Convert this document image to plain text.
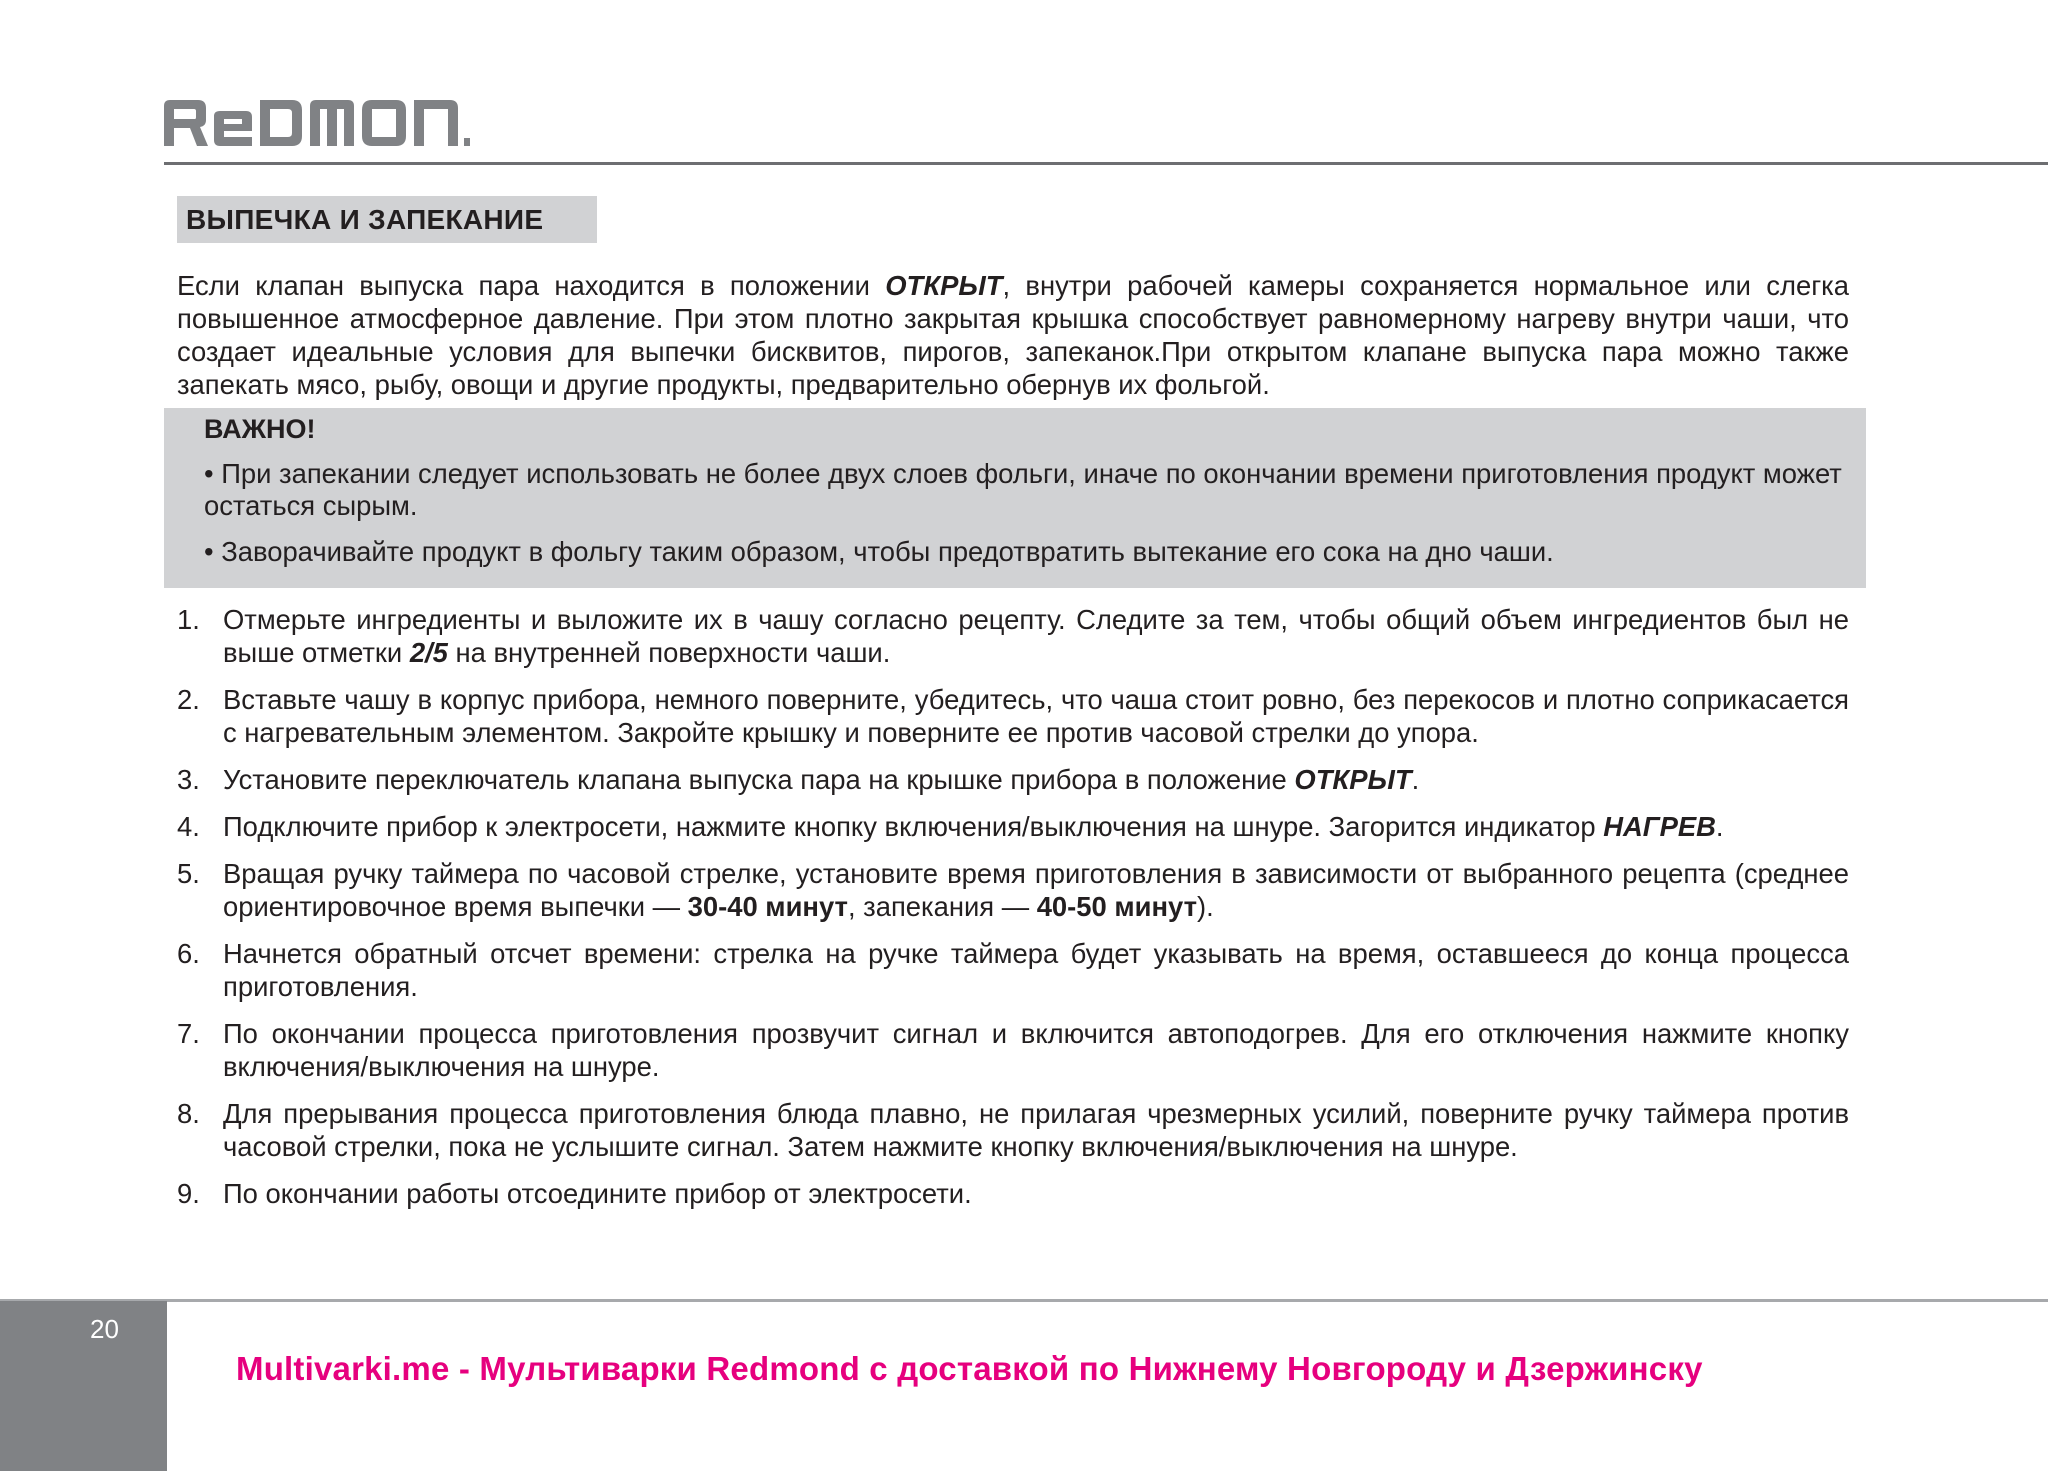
ВЫПЕЧКА И ЗАПЕКАНИЕ

Если клапан выпуска пара находится в положении ОТКРЫТ, внутри рабочей камеры сохраняется нормальное или слегка повышенное атмосферное давление. При этом плотно закрытая крышка способствует равномерному нагреву внутри чаши, что создает идеальные условия для выпечки бисквитов, пирогов, запеканок.При открытом клапане выпуска пара можно также запекать мясо, рыбу, овощи и другие продукты, предварительно обернув их фольгой.

ВАЖНО!
• При запекании следует использовать не более двух слоев фольги, иначе по окончании времени приготовления продукт может остаться сырым.
• Заворачивайте продукт в фольгу таким образом, чтобы предотвратить вытекание его сока на дно чаши.
1. Отмерьте ингредиенты и выложите их в чашу согласно рецепту. Следите за тем, чтобы общий объем ингредиентов был не выше отметки 2/5 на внутренней поверхности чаши.
2. Вставьте чашу в корпус прибора, немного поверните, убедитесь, что чаша стоит ровно, без перекосов и плотно соприкасается с нагревательным элементом. Закройте крышку и поверните ее против часовой стрелки до упора.
3. Установите переключатель клапана выпуска пара на крышке прибора в положение ОТКРЫТ.
4. Подключите прибор к электросети, нажмите кнопку включения/выключения на шнуре. Загорится индикатор НАГРЕВ.
5. Вращая ручку таймера по часовой стрелке, установите время приготовления в зависимости от выбранного рецепта (среднее ориентировочное время выпечки — 30-40 минут, запекания — 40-50 минут).
6. Начнется обратный отсчет времени: стрелка на ручке таймера будет указывать на время, оставшееся до конца процесса приготовления.
7. По окончании процесса приготовления прозвучит сигнал и включится автоподогрев. Для его отключения нажмите кнопку включения/выключения на шнуре.
8. Для прерывания процесса приготовления блюда плавно, не прилагая чрезмерных усилий, поверните ручку таймера против часовой стрелки, пока не услышите сигнал. Затем нажмите кнопку включения/выключения на шнуре.
9. По окончании работы отсоедините прибор от электросети.
20
Multivarki.me - Мультиварки Redmond с доставкой по Нижнему Новгороду и Дзержинску
